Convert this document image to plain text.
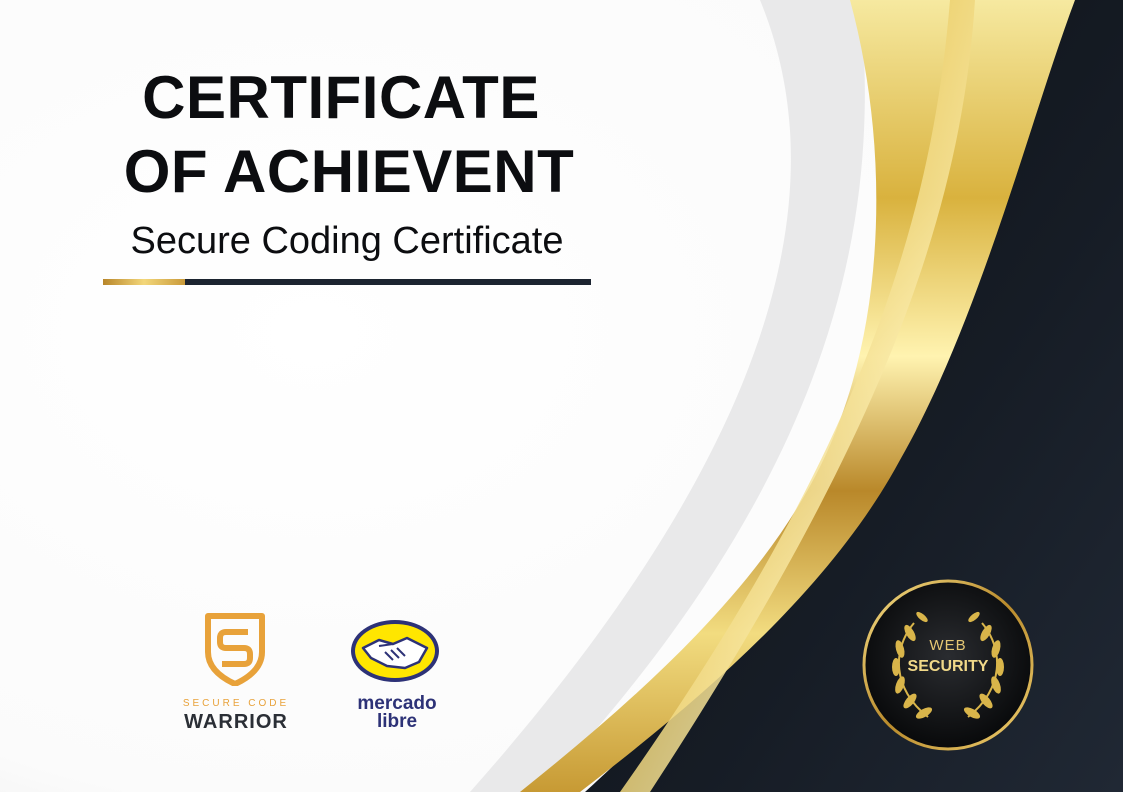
CERTIFICATE
OF ACHIEVENT

Secure Coding Certificate

SECURE CODE
WARRIOR
mercado
libre
WEB
SECURITY
